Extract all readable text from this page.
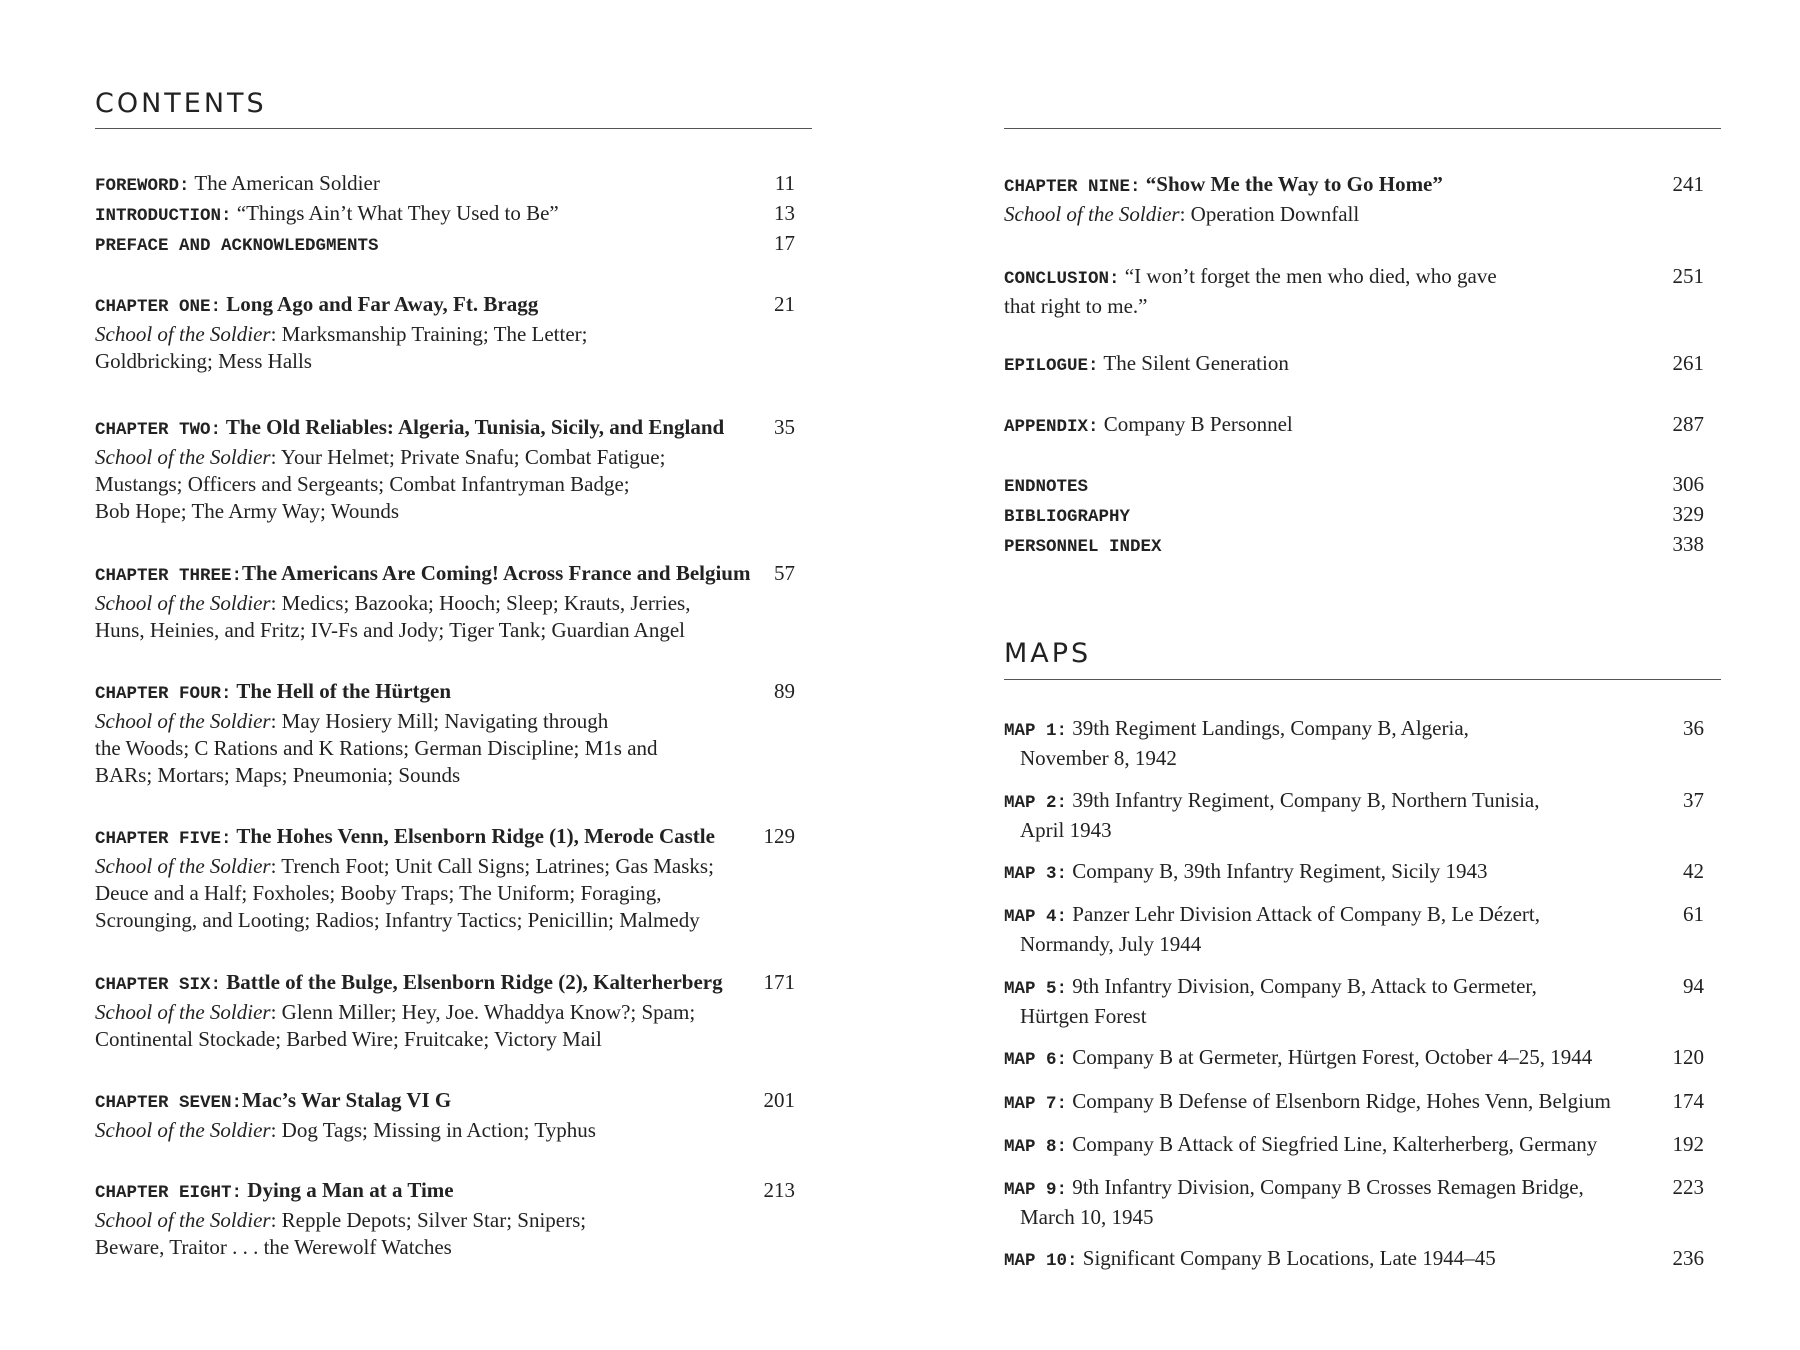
CONTENTS
FOREWORD: The American Soldier	11
INTRODUCTION: “Things Ain’t What They Used to Be”	13
PREFACE AND ACKNOWLEDGMENTS	17
CHAPTER ONE: Long Ago and Far Away, Ft. Bragg	21
School of the Soldier: Marksmanship Training; The Letter;
Goldbricking; Mess Halls
CHAPTER TWO: The Old Reliables: Algeria, Tunisia, Sicily, and England	35
School of the Soldier: Your Helmet; Private Snafu; Combat Fatigue;
Mustangs; Officers and Sergeants; Combat Infantryman Badge;
Bob Hope; The Army Way; Wounds
CHAPTER THREE:The Americans Are Coming! Across France and Belgium	57
School of the Soldier: Medics; Bazooka; Hooch; Sleep; Krauts, Jerries,
Huns, Heinies, and Fritz; IV-Fs and Jody; Tiger Tank; Guardian Angel
CHAPTER FOUR: The Hell of the Hürtgen	89
School of the Soldier: May Hosiery Mill; Navigating through
the Woods; C Rations and K Rations; German Discipline; M1s and
BARs; Mortars; Maps; Pneumonia; Sounds
CHAPTER FIVE: The Hohes Venn, Elsenborn Ridge (1), Merode Castle	129
School of the Soldier: Trench Foot; Unit Call Signs; Latrines; Gas Masks;
Deuce and a Half; Foxholes; Booby Traps; The Uniform; Foraging,
Scrounging, and Looting; Radios; Infantry Tactics; Penicillin; Malmedy
CHAPTER SIX: Battle of the Bulge, Elsenborn Ridge (2), Kalterherberg	171
School of the Soldier: Glenn Miller; Hey, Joe. Whaddya Know?; Spam;
Continental Stockade; Barbed Wire; Fruitcake; Victory Mail
CHAPTER SEVEN:Mac’s War Stalag VI G	201
School of the Soldier: Dog Tags; Missing in Action; Typhus
CHAPTER EIGHT: Dying a Man at a Time	213
School of the Soldier: Repple Depots; Silver Star; Snipers;
Beware, Traitor . . . the Werewolf Watches
CHAPTER NINE: “Show Me the Way to Go Home”	241
School of the Soldier: Operation Downfall
CONCLUSION: “I won’t forget the men who died, who gave	251
that right to me.”
EPILOGUE: The Silent Generation	261
APPENDIX: Company B Personnel	287
ENDNOTES	306
BIBLIOGRAPHY	329
PERSONNEL INDEX	338
MAPS
MAP 1: 39th Regiment Landings, Company B, Algeria,	36
November 8, 1942
MAP 2: 39th Infantry Regiment, Company B, Northern Tunisia,	37
April 1943
MAP 3: Company B, 39th Infantry Regiment, Sicily 1943	42
MAP 4: Panzer Lehr Division Attack of Company B, Le Dézert,	61
Normandy, July 1944
MAP 5: 9th Infantry Division, Company B, Attack to Germeter,	94
Hürtgen Forest
MAP 6: Company B at Germeter, Hürtgen Forest, October 4–25, 1944	120
MAP 7: Company B Defense of Elsenborn Ridge, Hohes Venn, Belgium	174
MAP 8: Company B Attack of Siegfried Line, Kalterherberg, Germany	192
MAP 9: 9th Infantry Division, Company B Crosses Remagen Bridge,	223
March 10, 1945
MAP 10: Significant Company B Locations, Late 1944–45	236
